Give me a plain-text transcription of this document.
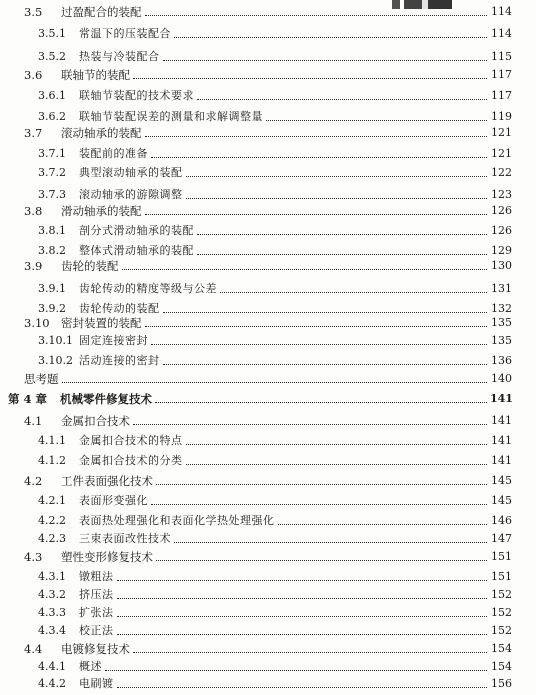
3.5	过盈配合的装配	114
3.5.1	常温下的压装配合	114
3.5.2	热装与冷装配合	115
3.6	联轴节的装配	117
3.6.1	联轴节装配的技术要求	117
3.6.2	联轴节装配误差的测量和求解调整量	119
3.7	滚动轴承的装配	121
3.7.1	装配前的准备	121
3.7.2	典型滚动轴承的装配	122
3.7.3	滚动轴承的游隙调整	123
3.8	滑动轴承的装配	126
3.8.1	剖分式滑动轴承的装配	126
3.8.2	整体式滑动轴承的装配	129
3.9	齿轮的装配	130
3.9.1	齿轮传动的精度等级与公差	131
3.9.2	齿轮传动的装配	132
3.10 密封装置的装配	135
3.10.1 固定连接密封	135
3.10.2 活动连接的密封	136
思考题	140
第 4 章	机械零件修复技术	141
4.1	金属扣合技术	141
4.1.1	金属扣合技术的特点	141
4.1.2	金属扣合技术的分类	141
4.2	工件表面强化技术	145
4.2.1	表面形变强化	145
4.2.2	表面热处理强化和表面化学热处理强化	146
4.2.3	三束表面改性技术	147
4.3	塑性变形修复技术	151
4.3.1	镦粗法	151
4.3.2	挤压法	152
4.3.3	扩张法	152
4.3.4	校正法	152
4.4	电镀修复技术	154
4.4.1	概述	154
4.4.2	电刷镀	156
